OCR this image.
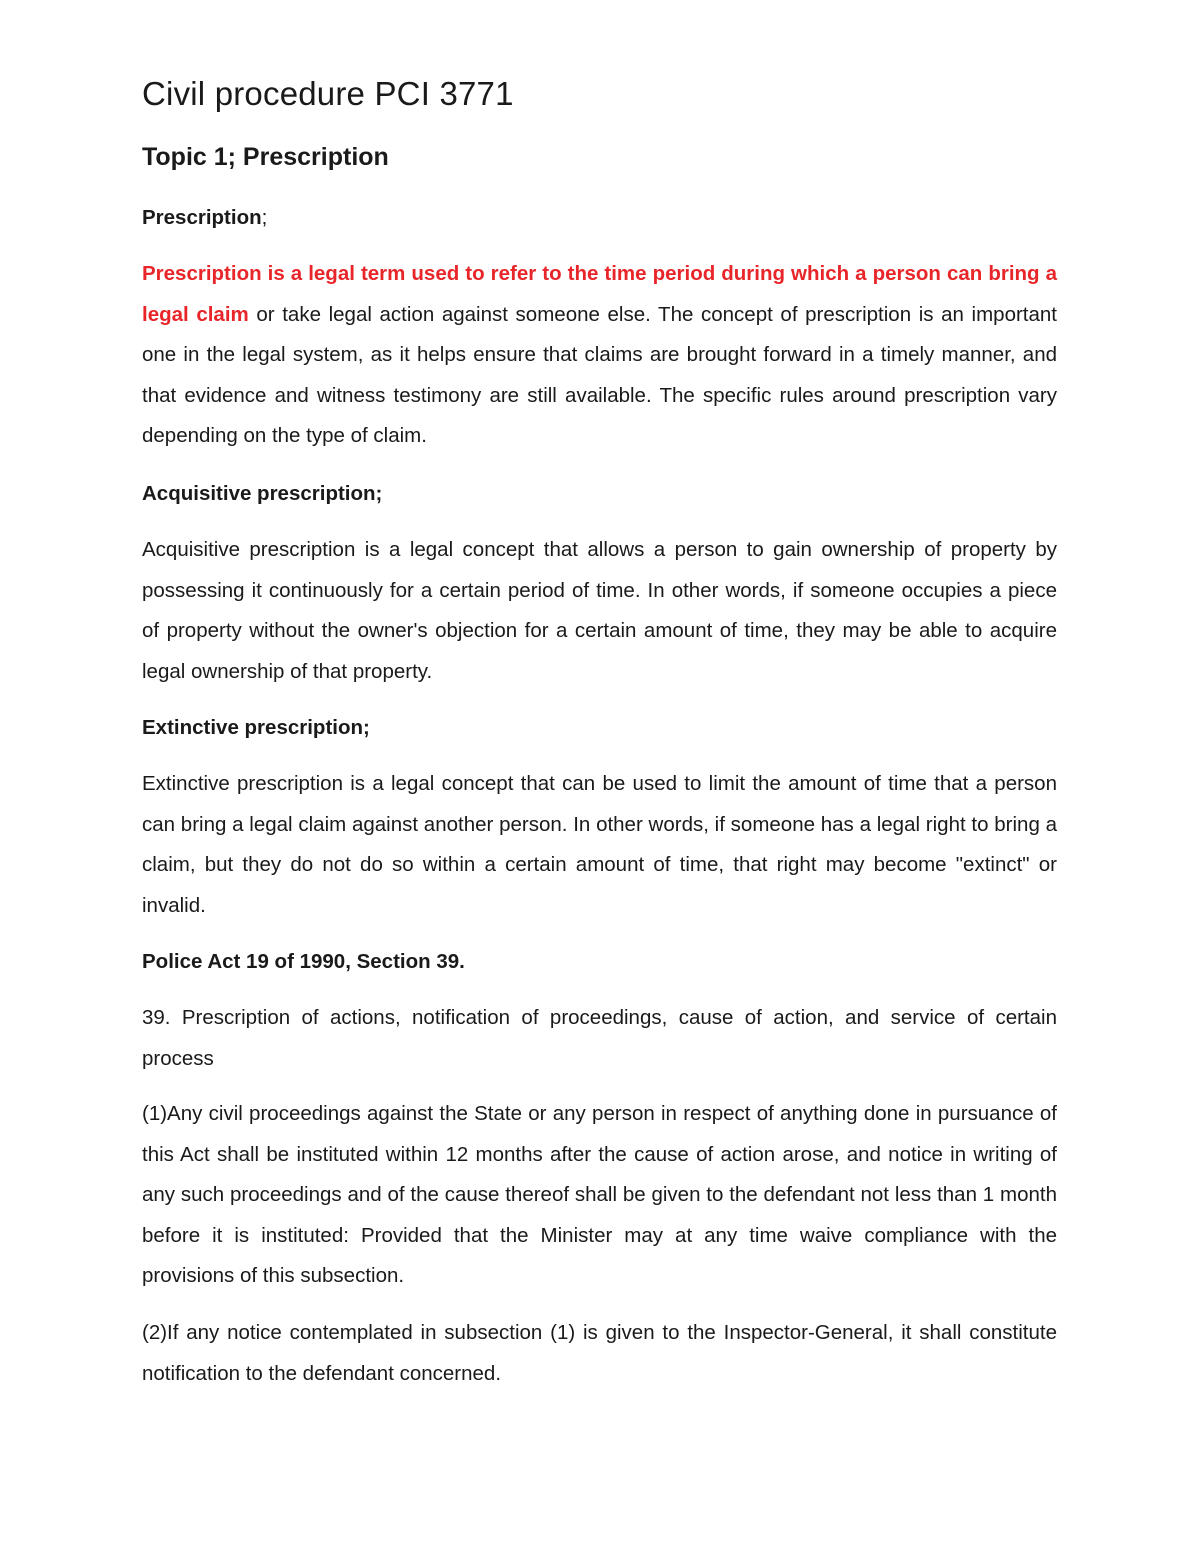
Civil procedure PCI 3771
Topic 1; Prescription

Prescription;

Prescription is a legal term used to refer to the time period during which a person can bring a legal claim or take legal action against someone else. The concept of prescription is an important one in the legal system, as it helps ensure that claims are brought forward in a timely manner, and that evidence and witness testimony are still available. The specific rules around prescription vary depending on the type of claim.

Acquisitive prescription;

Acquisitive prescription is a legal concept that allows a person to gain ownership of property by possessing it continuously for a certain period of time. In other words, if someone occupies a piece of property without the owner's objection for a certain amount of time, they may be able to acquire legal ownership of that property.

Extinctive prescription;

Extinctive prescription is a legal concept that can be used to limit the amount of time that a person can bring a legal claim against another person. In other words, if someone has a legal right to bring a claim, but they do not do so within a certain amount of time, that right may become "extinct" or invalid.

Police Act 19 of 1990, Section 39.

39. Prescription of actions, notification of proceedings, cause of action, and service of certain process

(1)Any civil proceedings against the State or any person in respect of anything done in pursuance of this Act shall be instituted within 12 months after the cause of action arose, and notice in writing of any such proceedings and of the cause thereof shall be given to the defendant not less than 1 month before it is instituted: Provided that the Minister may at any time waive compliance with the provisions of this subsection.

(2)If any notice contemplated in subsection (1) is given to the Inspector-General, it shall constitute notification to the defendant concerned.
